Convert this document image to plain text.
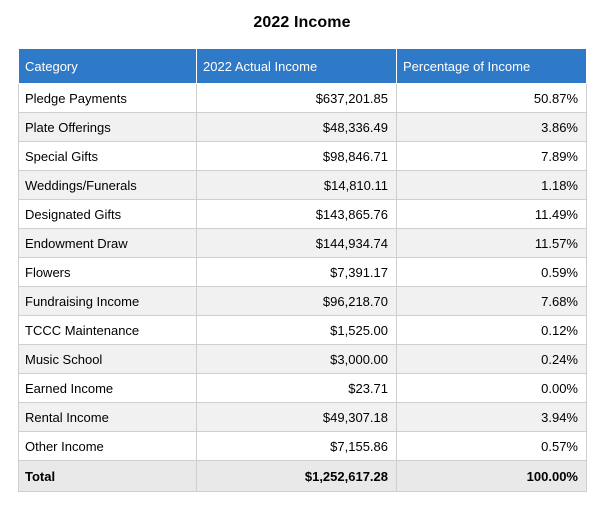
2022 Income
Category	2022 Actual Income	Percentage of Income
Pledge Payments	$637,201.85	50.87%
Plate Offerings	$48,336.49	3.86%
Special Gifts	$98,846.71	7.89%
Weddings/Funerals	$14,810.11	1.18%
Designated Gifts	$143,865.76	11.49%
Endowment Draw	$144,934.74	11.57%
Flowers	$7,391.17	0.59%
Fundraising Income	$96,218.70	7.68%
TCCC Maintenance	$1,525.00	0.12%
Music School	$3,000.00	0.24%
Earned Income	$23.71	0.00%
Rental Income	$49,307.18	3.94%
Other Income	$7,155.86	0.57%
Total	$1,252,617.28	100.00%
